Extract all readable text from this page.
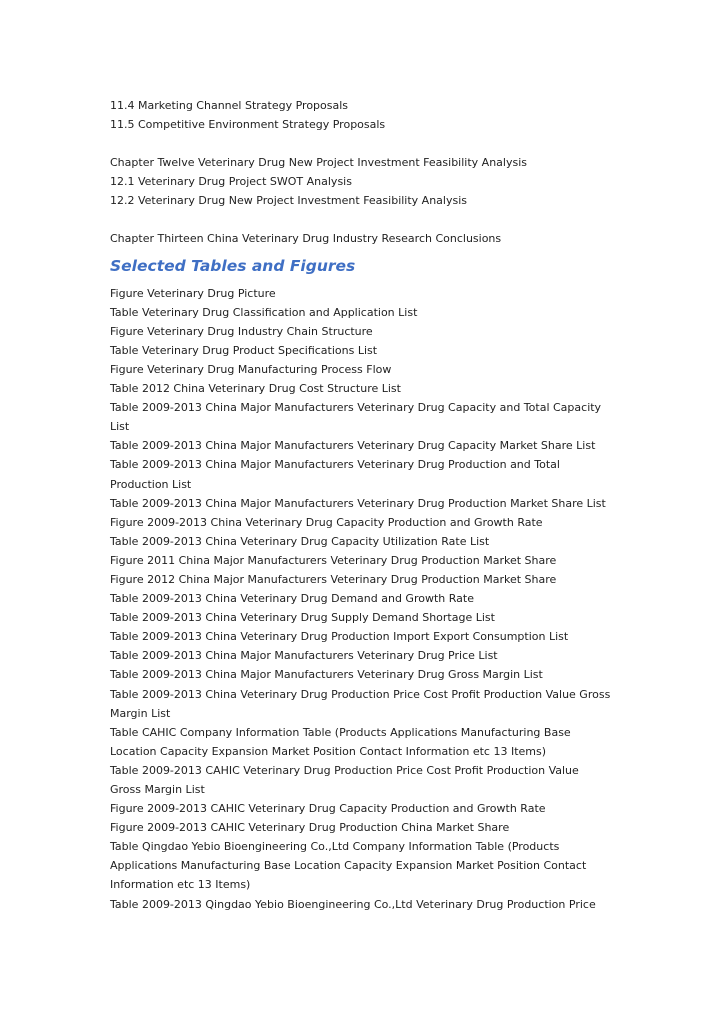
11.4 Marketing Channel Strategy Proposals
11.5 Competitive Environment Strategy Proposals
Chapter Twelve Veterinary Drug New Project Investment Feasibility Analysis
12.1 Veterinary Drug Project SWOT Analysis
12.2 Veterinary Drug New Project Investment Feasibility Analysis
Chapter Thirteen China Veterinary Drug Industry Research Conclusions
Selected Tables and Figures
Figure Veterinary Drug Picture
Table Veterinary Drug Classification and Application List
Figure Veterinary Drug Industry Chain Structure
Table Veterinary Drug Product Specifications List
Figure Veterinary Drug Manufacturing Process Flow
Table 2012 China Veterinary Drug Cost Structure List
Table 2009-2013 China Major Manufacturers Veterinary Drug Capacity and Total Capacity
List
Table 2009-2013 China Major Manufacturers Veterinary Drug Capacity Market Share List
Table 2009-2013 China Major Manufacturers Veterinary Drug Production and Total
Production List
Table 2009-2013 China Major Manufacturers Veterinary Drug Production Market Share List
Figure 2009-2013 China Veterinary Drug Capacity Production and Growth Rate
Table 2009-2013 China Veterinary Drug Capacity Utilization Rate List
Figure 2011 China Major Manufacturers Veterinary Drug Production Market Share
Figure 2012 China Major Manufacturers Veterinary Drug Production Market Share
Table 2009-2013 China Veterinary Drug Demand and Growth Rate
Table 2009-2013 China Veterinary Drug Supply Demand Shortage List
Table 2009-2013 China Veterinary Drug Production Import Export Consumption List
Table 2009-2013 China Major Manufacturers Veterinary Drug Price List
Table 2009-2013 China Major Manufacturers Veterinary Drug Gross Margin List
Table 2009-2013 China Veterinary Drug Production Price Cost Profit Production Value Gross
Margin List
Table CAHIC Company Information Table (Products Applications Manufacturing Base
Location Capacity Expansion Market Position Contact Information etc 13 Items)
Table 2009-2013 CAHIC Veterinary Drug Production Price Cost Profit Production Value
Gross Margin List
Figure 2009-2013 CAHIC Veterinary Drug Capacity Production and Growth Rate
Figure 2009-2013 CAHIC Veterinary Drug Production China Market Share
Table Qingdao Yebio Bioengineering Co.,Ltd Company Information Table (Products
Applications Manufacturing Base Location Capacity Expansion Market Position Contact
Information etc 13 Items)
Table 2009-2013 Qingdao Yebio Bioengineering Co.,Ltd Veterinary Drug Production Price
